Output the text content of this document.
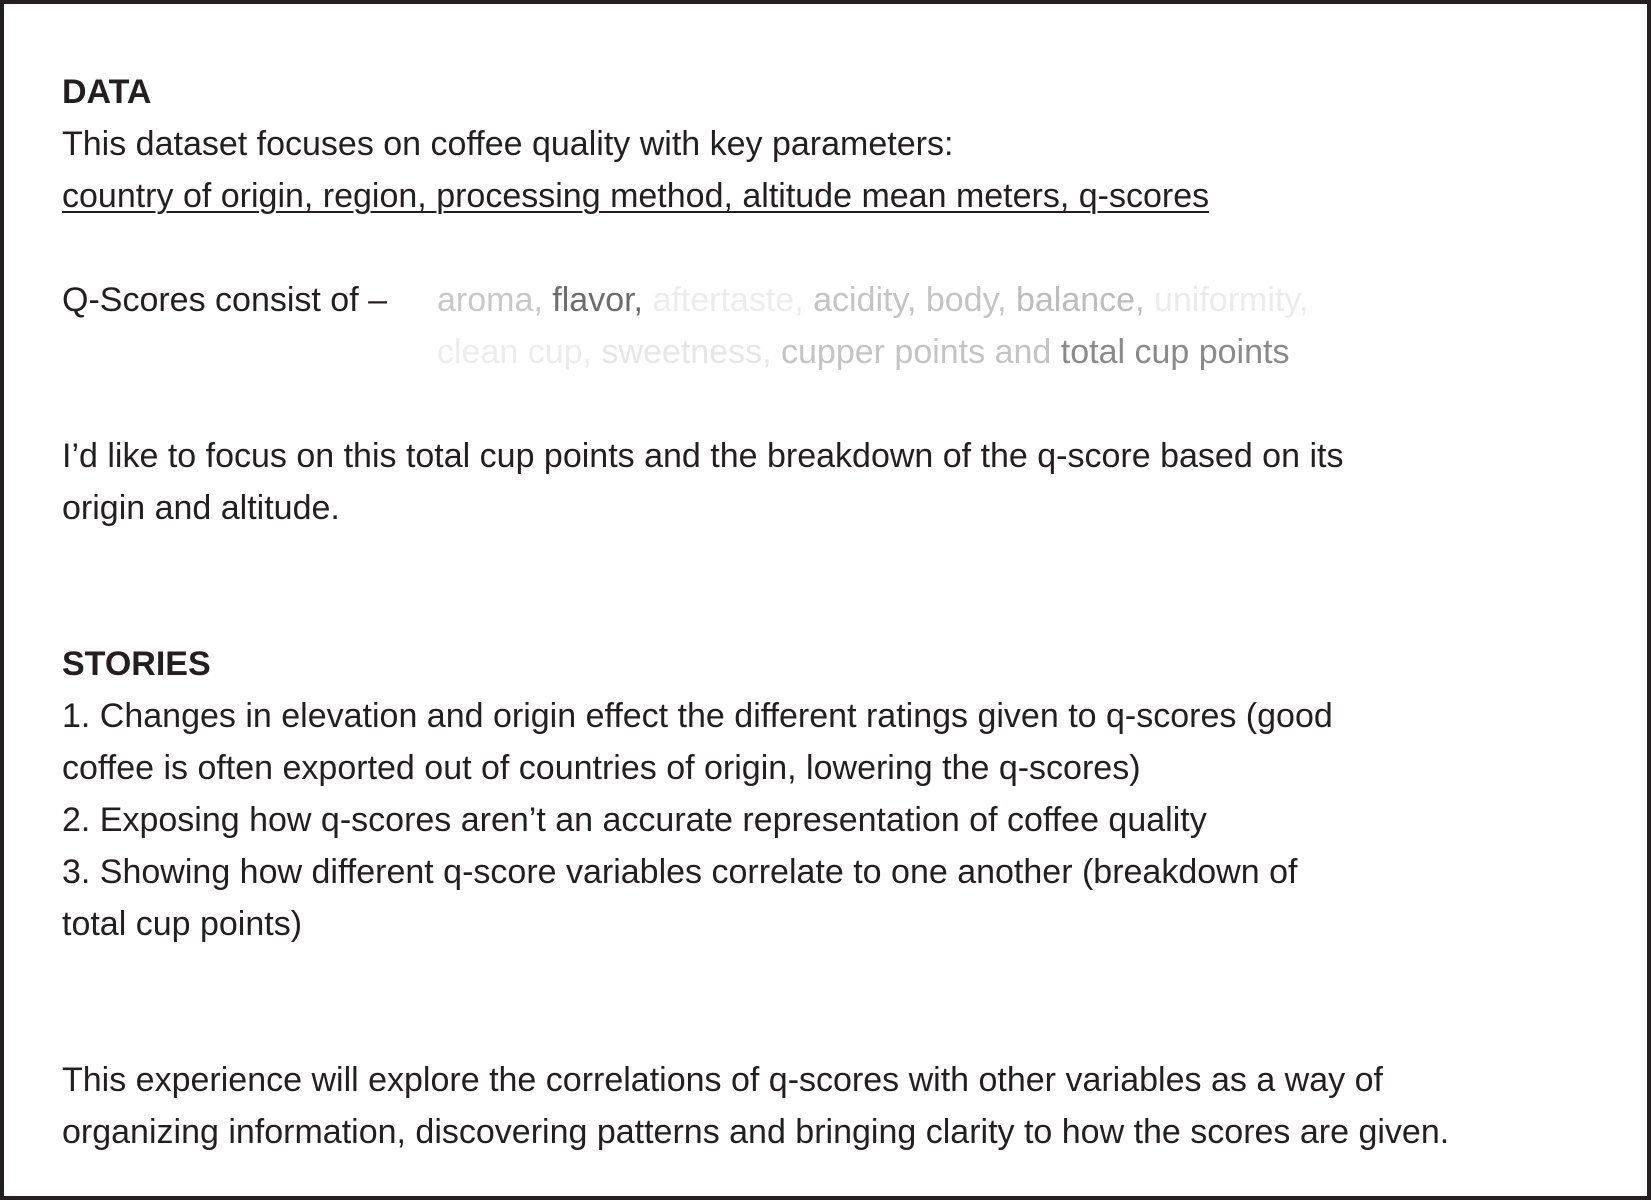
DATA
This dataset focuses on coffee quality with key parameters:
country of origin, region, processing method, altitude mean meters, q-scores
Q-Scores consist of – aroma, flavor, aftertaste, acidity, body, balance, uniformity,
clean cup, sweetness, cupper points and total cup points
I’d like to focus on this total cup points and the breakdown of the q-score based on its
origin and altitude.
STORIES
1. Changes in elevation and origin effect the different ratings given to q-scores (good
coffee is often exported out of countries of origin, lowering the q-scores)
2. Exposing how q-scores aren’t an accurate representation of coffee quality
3. Showing how different q-score variables correlate to one another (breakdown of
total cup points)
This experience will explore the correlations of q-scores with other variables as a way of
organizing information, discovering patterns and bringing clarity to how the scores are given.
